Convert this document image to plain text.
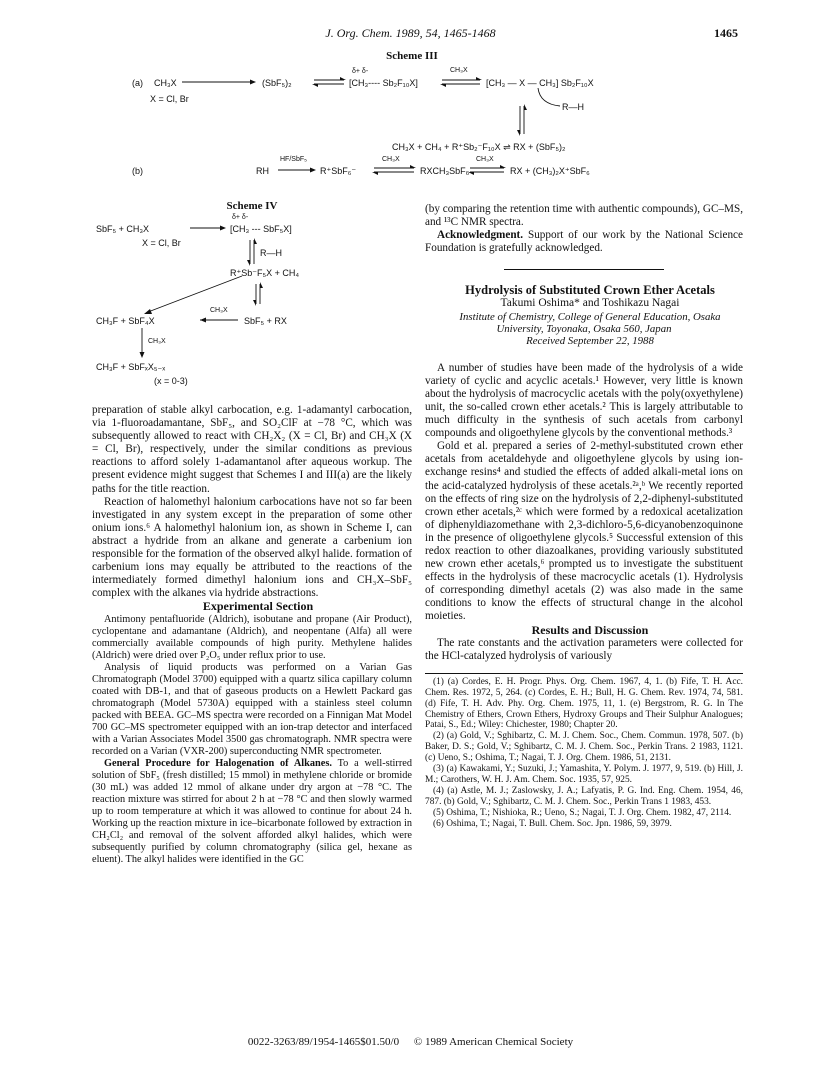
J. Org. Chem. 1989, 54, 1465-1468	1465
Scheme III
(a) CH₃X
X = Cl, Br
(SbF₅)₂
δ+ δ-
[CH₃---- Sb₂F₁₀X]
CH₃X
[CH₃ — X — CH₃] Sb₂F₁₀X
R—H
CH₃X + CH₄ + R⁺Sb₂⁻F₁₀X ⇌ RX + (SbF₅)₂
(b)	RH
HF/SbF₅
R⁺SbF₆⁻
CH₃X
RXCH₃SbF₆
CH₃X
RX + (CH₃)₂X⁺SbF₆
Scheme IV
SbF₅ + CH₃X
X = Cl, Br
δ+ δ-
[CH₃ --- SbF₅X]
R—H
R⁺Sb⁻F₅X + CH₄
CH₃F + SbF₄X
CH₃X
SbF₅ + RX
CH₃X
CH₃F + SbFₓX₅₋ₓ
(x = 0-3)

preparation of stable alkyl carbocation, e.g. 1-adamantyl carbocation, via 1-fluoroadamantane, SbF₅, and SO₂ClF at −78 °C, which was subsequently allowed to react with CH₂X₂ (X = Cl, Br) and CH₃X (X = Cl, Br), respectively, under the similar conditions as previous reactions to afford solely 1-adamantanol after aqueous workup. The present evidence might suggest that Schemes I and III(a) are the likely paths for the title reaction.

Reaction of halomethyl halonium carbocations have not so far been investigated in any system except in the preparation of some other onium ions.⁶ A halomethyl halonium ion, as shown in Scheme I, can abstract a hydride from an alkane and generate a carbenium ion responsible for the formation of the observed alkyl halide. formation of carbenium ions may equally be attributed to the reactions of the intermediately formed dimethyl halonium ions and CH₃X–SbF₅ complex with the alkanes via hydride abstractions.

Experimental Section

Antimony pentafluoride (Aldrich), isobutane and propane (Air Product), cyclopentane and adamantane (Aldrich), and neopentane (Alfa) all were commercially available compounds of high purity. Methylene halides (Aldrich) were dried over P₂O₅ under reflux prior to use.

Analysis of liquid products was performed on a Varian Gas Chromatograph (Model 3700) equipped with a quartz silica capillary column coated with DB-1, and that of gaseous products on a Hewlett Packard gas chromatograph (Model 5730A) equipped with a stainless steel column packed with BEEA. GC–MS spectra were recorded on a Finnigan Mat Model 700 GC–MS spectrometer equipped with an ion-trap detector and interfaced with a Varian Associates Model 3500 gas chromatograph. NMR spectra were recorded on a Varian (VXR-200) superconducting NMR spectrometer.

General Procedure for Halogenation of Alkanes. To a well-stirred solution of SbF₅ (fresh distilled; 15 mmol) in methylene chloride or bromide (30 mL) was added 12 mmol of alkane under dry argon at −78 °C. The reaction mixture was stirred for about 2 h at −78 °C and then slowly warmed up to room temperature at which it was allowed to continue for about 24 h. Working up the reaction mixture in ice–bicarbonate followed by extraction in CH₂Cl₂ and removal of the solvent afforded alkyl halides, which were subsequently purified by column chromatography (silica gel, hexane as eluent). The alkyl halides were identified in the GC

(by comparing the retention time with authentic compounds), GC–MS, and ¹³C NMR spectra.

Acknowledgment. Support of our work by the National Science Foundation is gratefully acknowledged.

Hydrolysis of Substituted Crown Ether Acetals

Takumi Oshima* and Toshikazu Nagai

Institute of Chemistry, College of General Education, Osaka University, Toyonaka, Osaka 560, Japan

Received September 22, 1988

A number of studies have been made of the hydrolysis of a wide variety of cyclic and acyclic acetals.¹ However, very little is known about the hydrolysis of macrocyclic acetals with the poly(oxyethylene) unit, the so-called crown ether acetals.² This is largely attributable to much difficulty in the synthesis of such acetals from carbonyl compounds and oligoethylene glycols by the conventional methods.³

Gold et al. prepared a series of 2-methyl-substituted crown ether acetals from acetaldehyde and oligoethylene glycols by using ion-exchange resins⁴ and studied the effects of added alkali-metal ions on the acid-catalyzed hydrolysis of these acetals.²ᵃ,ᵇ We recently reported on the effects of ring size on the hydrolysis of 2,2-diphenyl-substituted crown ether acetals,²ᶜ which were formed by a redoxical acetalization of diphenyldiazomethane with 2,3-dichloro-5,6-dicyanobenzoquinone in the presence of oligoethylene glycols.⁵ Successful extension of this redox reaction to other diazoalkanes, providing variously substituted new crown ether acetals,⁶ prompted us to investigate the substituent effects in the hydrolysis of these macrocyclic acetals (1). Hydrolysis of corresponding dimethyl acetals (2) was also made in the same conditions to know the effects of structural change in the alcohol moieties.

Results and Discussion

The rate constants and the activation parameters were collected for the HCl-catalyzed hydrolysis of variously

(1) (a) Cordes, E. H. Progr. Phys. Org. Chem. 1967, 4, 1. (b) Fife, T. H. Acc. Chem. Res. 1972, 5, 264. (c) Cordes, E. H.; Bull, H. G. Chem. Rev. 1974, 74, 581. (d) Fife, T. H. Adv. Phy. Org. Chem. 1975, 11, 1. (e) Bergstrom, R. G. In The Chemistry of Ethers, Crown Ethers, Hydroxy Groups and Their Sulphur Analogues; Patai, S., Ed.; Wiley: Chichester, 1980; Chapter 20.
(2) (a) Gold, V.; Sghibartz, C. M. J. Chem. Soc., Chem. Commun. 1978, 507. (b) Baker, D. S.; Gold, V.; Sghibartz, C. M. J. Chem. Soc., Perkin Trans. 2 1983, 1121. (c) Ueno, S.; Oshima, T.; Nagai, T. J. Org. Chem. 1986, 51, 2131.
(3) (a) Kawakami, Y.; Suzuki, J.; Yamashita, Y. Polym. J. 1977, 9, 519. (b) Hill, J. M.; Carothers, W. H. J. Am. Chem. Soc. 1935, 57, 925.
(4) (a) Astle, M. J.; Zaslowsky, J. A.; Lafyatis, P. G. Ind. Eng. Chem. 1954, 46, 787. (b) Gold, V.; Sghibartz, C. M. J. Chem. Soc., Perkin Trans 1 1983, 453.
(5) Oshima, T.; Nishioka, R.; Ueno, S.; Nagai, T. J. Org. Chem. 1982, 47, 2114.
(6) Oshima, T.; Nagai, T. Bull. Chem. Soc. Jpn. 1986, 59, 3979.
0022-3263/89/1954-1465$01.50/0 © 1989 American Chemical Society
